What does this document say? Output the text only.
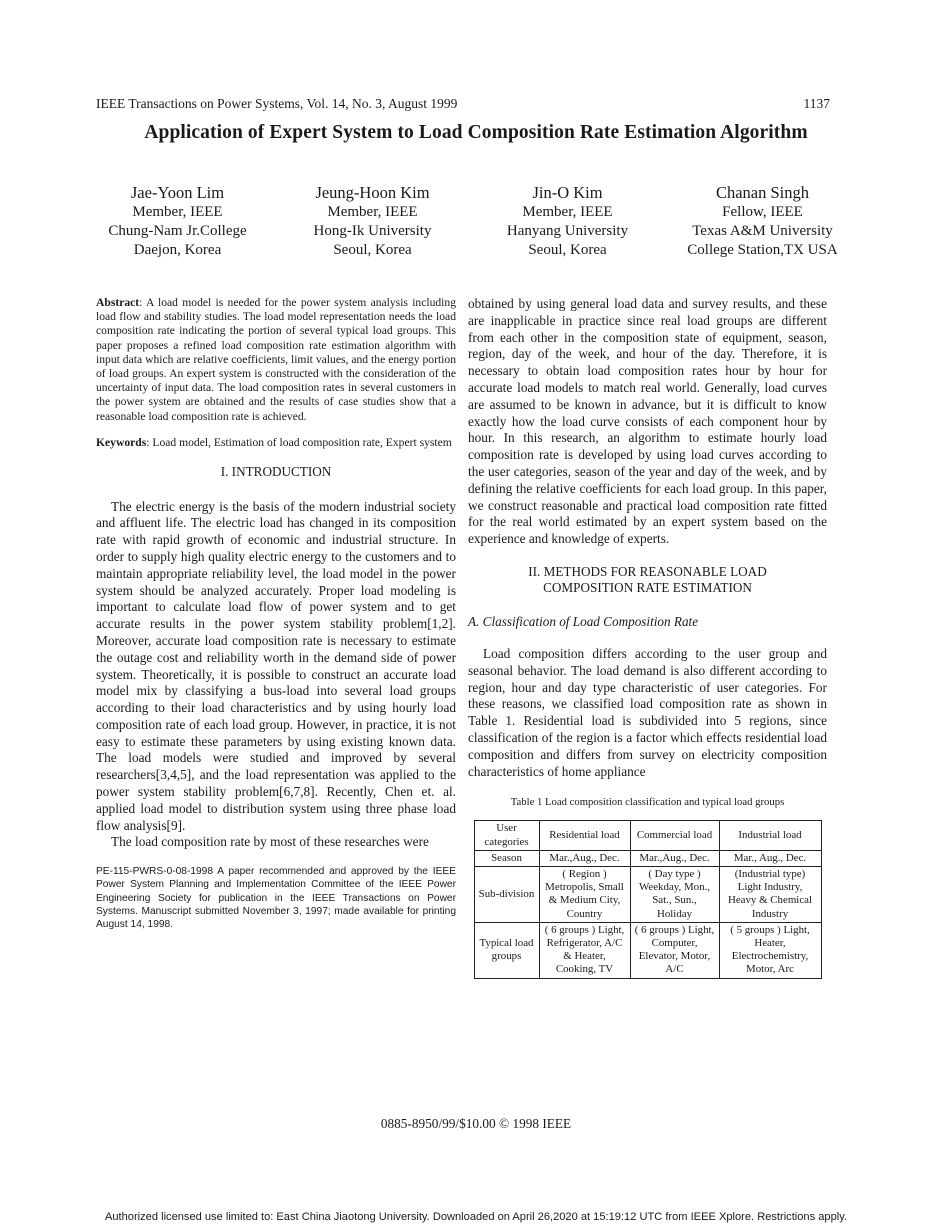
IEEE Transactions on Power Systems, Vol. 14, No. 3, August 1999	1137
Application of Expert System to Load Composition Rate Estimation Algorithm
Jae-Yoon Lim
Member, IEEE
Chung-Nam Jr.College
Daejon, Korea
Jeung-Hoon Kim
Member, IEEE
Hong-Ik University
Seoul, Korea
Jin-O Kim
Member, IEEE
Hanyang University
Seoul, Korea
Chanan Singh
Fellow, IEEE
Texas A&M University
College Station,TX USA

Abstract: A load model is needed for the power system analysis including load flow and stability studies. The load model representation needs the load composition rate indicating the portion of several typical load groups. This paper proposes a refined load composition rate estimation algorithm with input data which are relative coefficients, limit values, and the energy portion of load groups. An expert system is constructed with the consideration of the uncertainty of input data. The load composition rates in several customers in the power system are obtained and the results of case studies show that a reasonable load composition rate is achieved.

Keywords: Load model, Estimation of load composition rate, Expert system

I. INTRODUCTION

The electric energy is the basis of the modern industrial society and affluent life. The electric load has changed in its composition rate with rapid growth of economic and industrial structure. In order to supply high quality electric energy to the customers and to maintain appropriate reliability level, the load model in the power system should be analyzed accurately. Proper load modeling is important to calculate load flow of power system and to get accurate results in the power system stability problem[1,2]. Moreover, accurate load composition rate is necessary to estimate the outage cost and reliability worth in the demand side of power system. Theoretically, it is possible to construct an accurate load model mix by classifying a bus-load into several load groups according to their load characteristics and by using hourly load composition rate of each load group. However, in practice, it is not easy to estimate these parameters by using existing known data. The load models were studied and improved by several researchers[3,4,5], and the load representation was applied to the power system stability problem[6,7,8]. Recently, Chen et. al. applied load model to distribution system using three phase load flow analysis[9].

The load composition rate by most of these researches were

PE-115-PWRS-0-08-1998 A paper recommended and approved by the IEEE Power System Planning and Implementation Committee of the IEEE Power Engineering Society for publication in the IEEE Transactions on Power Systems. Manuscript submitted November 3, 1997; made available for printing August 14, 1998.

obtained by using general load data and survey results, and these are inapplicable in practice since real load groups are different from each other in the composition state of equipment, season, region, day of the week, and hour of the day. Therefore, it is necessary to obtain load composition rates hour by hour for accurate load models to match real world. Generally, load curves are assumed to be known in advance, but it is difficult to know exactly how the load curve consists of each component hour by hour. In this research, an algorithm to estimate hourly load composition rate is developed by using load curves according to the user categories, season of the year and day of the week, and by defining the relative coefficients for each load group. In this paper, we construct reasonable and practical load composition rate fitted for the real world estimated by an expert system based on the experience and knowledge of experts.

II. METHODS FOR REASONABLE LOAD

COMPOSITION RATE ESTIMATION

A. Classification of Load Composition Rate

Load composition differs according to the user group and seasonal behavior. The load demand is also different according to region, hour and day type characteristic of user categories. For these reasons, we classified load composition rate as shown in Table 1. Residential load is subdivided into 5 regions, since classification of the region is a factor which effects residential load composition and differs from survey on electricity composition characteristics of home appliance

Table 1 Load composition classification and typical load groups

User categories	Residential load	Commercial load	Industrial load
Season	Mar.,Aug., Dec.	Mar.,Aug., Dec.	Mar., Aug., Dec.
Sub-division	( Region ) Metropolis, Small & Medium City, Country	( Day type ) Weekday, Mon., Sat., Sun., Holiday	(Industrial type) Light Industry, Heavy & Chemical Industry
Typical load groups	( 6 groups ) Light, Refrigerator, A/C & Heater, Cooking, TV	( 6 groups ) Light, Computer, Elevator, Motor, A/C	( 5 groups ) Light, Heater, Electrochemistry, Motor, Arc
0885-8950/99/$10.00 © 1998 IEEE
Authorized licensed use limited to: East China Jiaotong University. Downloaded on April 26,2020 at 15:19:12 UTC from IEEE Xplore. Restrictions apply.
